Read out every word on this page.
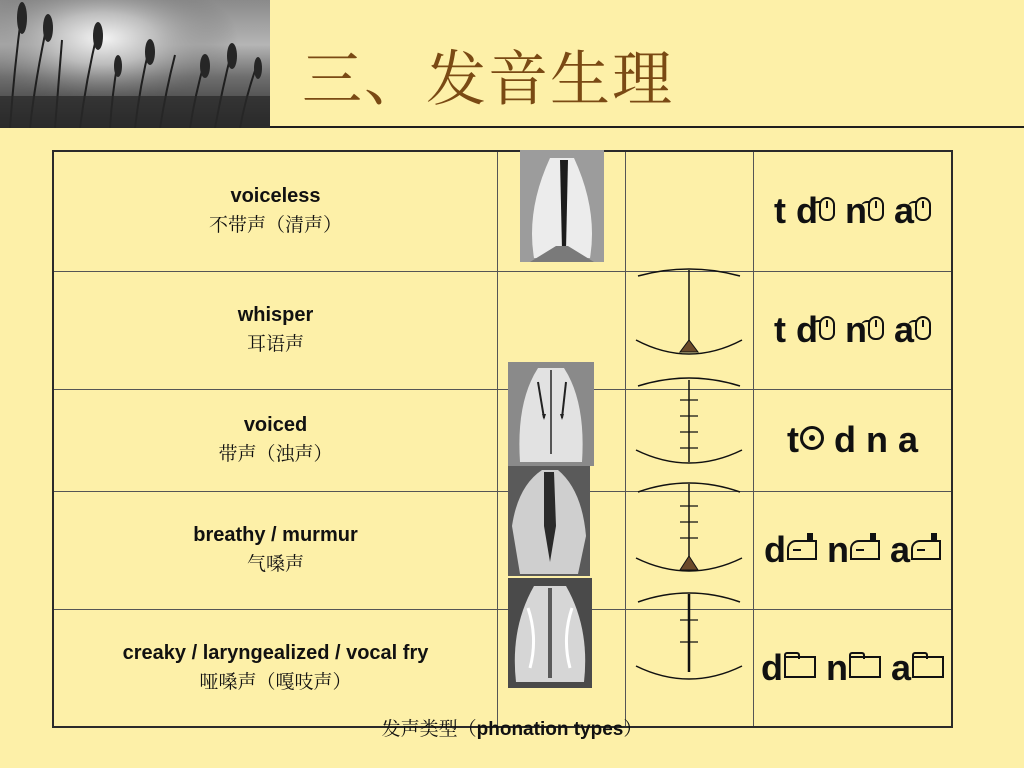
三、发音生理
voiceless
不带声（清声）			t d n a

whisper
耳语声			t d n a

voiced
带声（浊声）			t d n a

breathy / murmur
气嗓声			d n a

creaky / laryngealized / vocal fry
哑嗓声（嘎吱声）			d n a
发声类型（phonation types）
